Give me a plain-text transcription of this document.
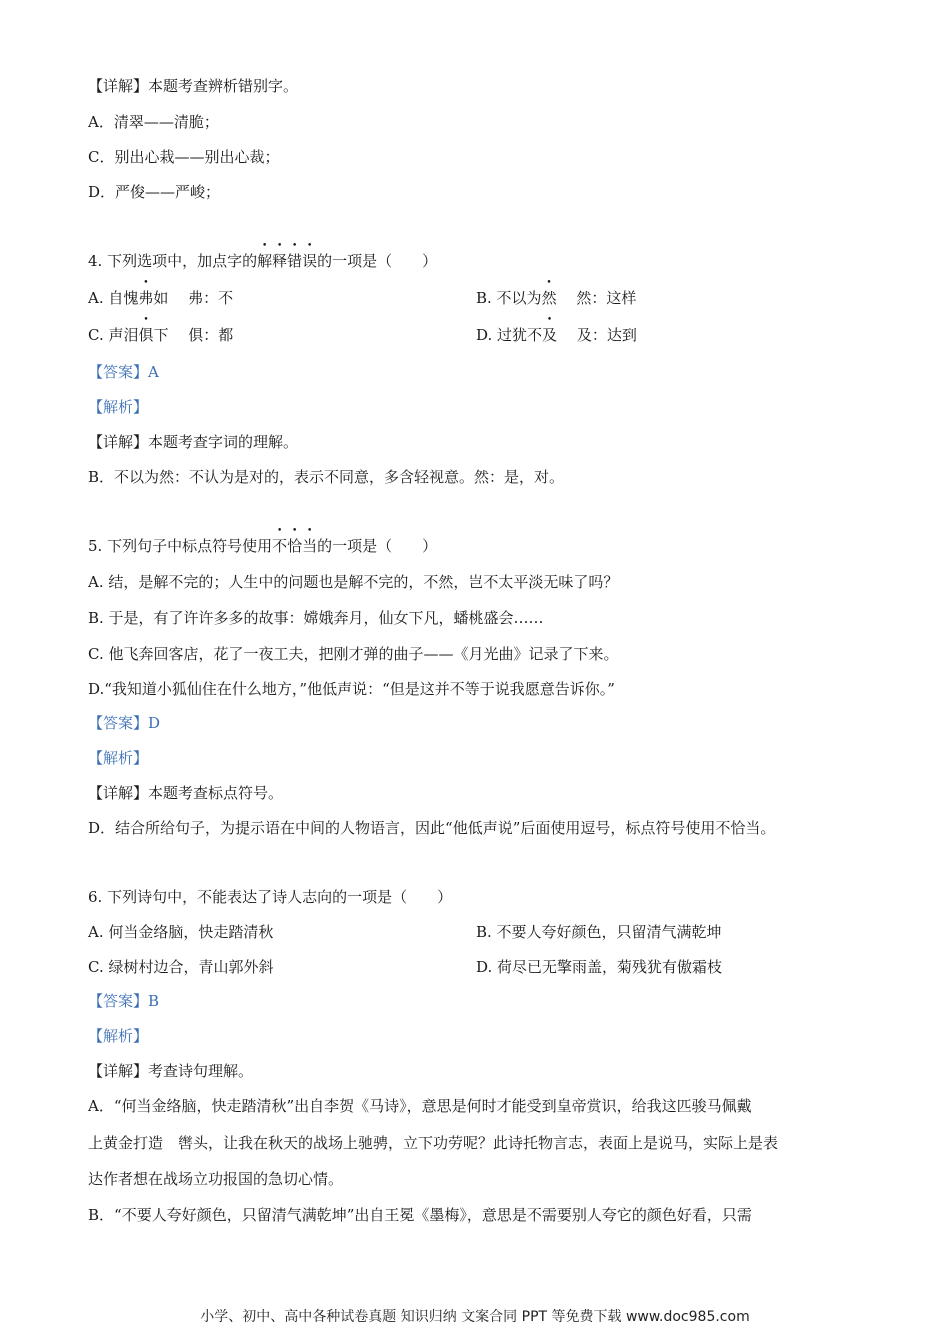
【详解】本题考查辨析错别字。
A．清翠——清脆；
C．别出心栽——别出心裁；
D．严俊——严峻；
4. 下列选项中，加点字的解释错误的一项是（　　）
A. 自愧弗如　 弗：不	B. 不以为然　 然：这样
C. 声泪俱下　 俱：都	D. 过犹不及　 及：达到
【答案】A
【解析】
【详解】本题考查字词的理解。
B．不以为然：不认为是对的，表示不同意，多含轻视意。然：是，对。
5. 下列句子中标点符号使用不恰当的一项是（　　）
A. 结，是解不完的；人生中的问题也是解不完的，不然，岂不太平淡无味了吗？
B. 于是，有了许许多多的故事：嫦娥奔月，仙女下凡，蟠桃盛会……
C. 他飞奔回客店，花了一夜工夫，把刚才弹的曲子——《月光曲》记录了下来。
D.“我知道小狐仙住在什么地方，”他低声说：“但是这并不等于说我愿意告诉你。”
【答案】D
【解析】
【详解】本题考查标点符号。
D．结合所给句子，为提示语在中间的人物语言，因此“他低声说”后面使用逗号，标点符号使用不恰当。
6. 下列诗句中，不能表达了诗人志向的一项是（　　）
A. 何当金络脑，快走踏清秋	B. 不要人夸好颜色，只留清气满乾坤
C. 绿树村边合，青山郭外斜	D. 荷尽已无擎雨盖，菊残犹有傲霜枝
【答案】B
【解析】
【详解】考查诗句理解。
A．“何当金络脑，快走踏清秋”出自李贺《马诗》，意思是何时才能受到皇帝赏识，给我这匹骏马佩戴
上黄金打造　辔头，让我在秋天的战场上驰骋，立下功劳呢？此诗托物言志，表面上是说马，实际上是表
达作者想在战场立功报国的急切心情。
B．“不要人夸好颜色，只留清气满乾坤”出自王冕《墨梅》，意思是不需要别人夸它的颜色好看，只需
小学、初中、高中各种试卷真题 知识归纳 文案合同 PPT 等免费下载 www.doc985.com
